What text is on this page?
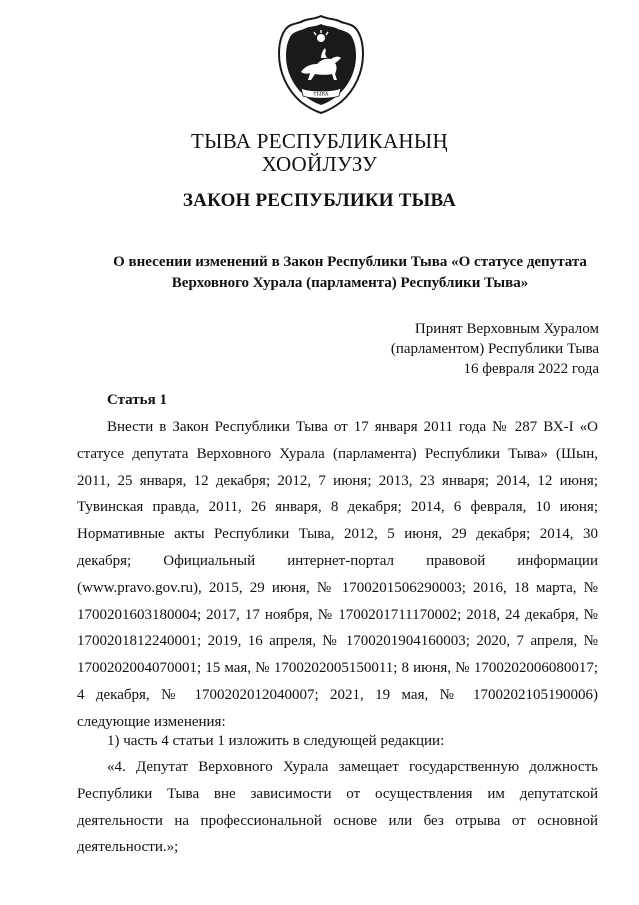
ТЫВА
ТЫВА РЕСПУБЛИКАНЫҢ
ХООЙЛУЗУ
ЗАКОН РЕСПУБЛИКИ ТЫВА
О внесении изменений в Закон Республики Тыва «О статусе депутата
Верховного Хурала (парламента) Республики Тыва»
Принят Верховным Хуралом
(парламентом) Республики Тыва
16 февраля 2022 года
Статья 1
Внести в Закон Республики Тыва от 17 января 2011 года № 287 ВХ-I «О статусе депутата Верховного Хурала (парламента) Республики Тыва» (Шын, 2011, 25 января, 12 декабря; 2012, 7 июня; 2013, 23 января; 2014, 12 июня; Тувинская правда, 2011, 26 января, 8 декабря; 2014, 6 февраля, 10 июня; Нормативные акты Республики Тыва, 2012, 5 июня, 29 декабря; 2014, 30 декабря; Официальный интернет-портал правовой информации (www.pravo.gov.ru), 2015, 29 июня, № 1700201506290003; 2016, 18 марта, № 1700201603180004; 2017, 17 ноября, № 1700201711170002; 2018, 24 декабря, № 1700201812240001; 2019, 16 апреля, № 1700201904160003; 2020, 7 апреля, № 1700202004070001; 15 мая, № 1700202005150011; 8 июня, № 1700202006080017; 4 декабря, № 1700202012040007; 2021, 19 мая, № 1700202105190006) следующие изменения:
1) часть 4 статьи 1 изложить в следующей редакции:
«4. Депутат Верховного Хурала замещает государственную должность Республики Тыва вне зависимости от осуществления им депутатской деятельности на профессиональной основе или без отрыва от основной деятельности.»;
